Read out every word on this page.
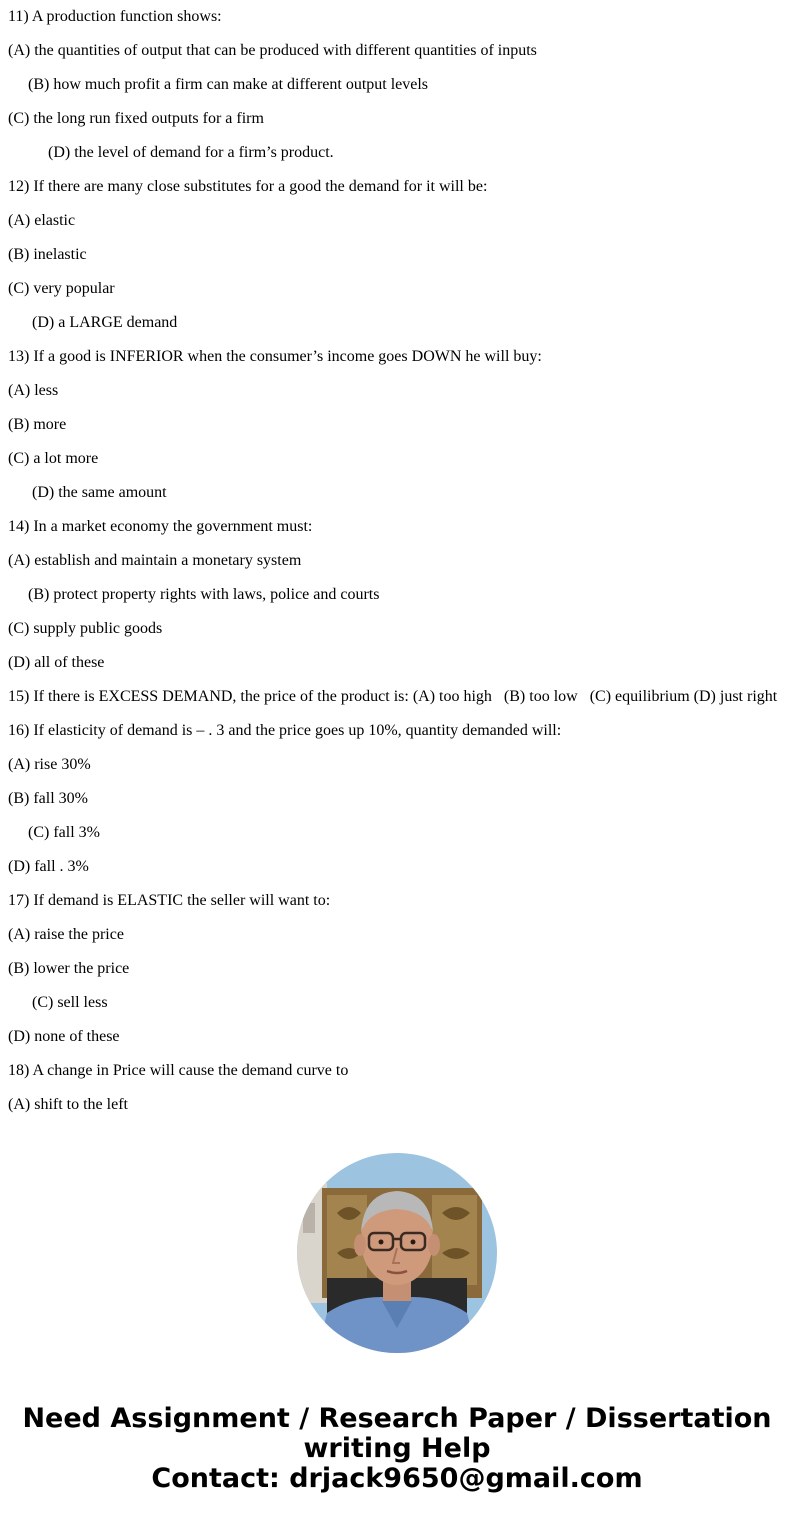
11) A production function shows:
(A) the quantities of output that can be produced with different quantities of inputs
(B) how much profit a firm can make at different output levels
(C) the long run fixed outputs for a firm
(D) the level of demand for a firm’s product.
12) If there are many close substitutes for a good the demand for it will be:
(A) elastic
(B) inelastic
(C) very popular
(D) a LARGE demand
13) If a good is INFERIOR when the consumer’s income goes DOWN he will buy:
(A) less
(B) more
(C) a lot more
(D) the same amount
14) In a market economy the government must:
(A) establish and maintain a monetary system
(B) protect property rights with laws, police and courts
(C) supply public goods
(D) all of these
15) If there is EXCESS DEMAND, the price of the product is: (A) too high   (B) too low   (C) equilibrium (D) just right
16) If elasticity of demand is – . 3 and the price goes up 10%, quantity demanded will:
(A) rise 30%
(B) fall 30%
(C) fall 3%
(D) fall . 3%
17) If demand is ELASTIC the seller will want to:
(A) raise the price
(B) lower the price
(C) sell less
(D) none of these
18) A change in Price will cause the demand curve to
(A) shift to the left
Need Assignment / Research Paper / Dissertation
writing Help
Contact: drjack9650@gmail.com
